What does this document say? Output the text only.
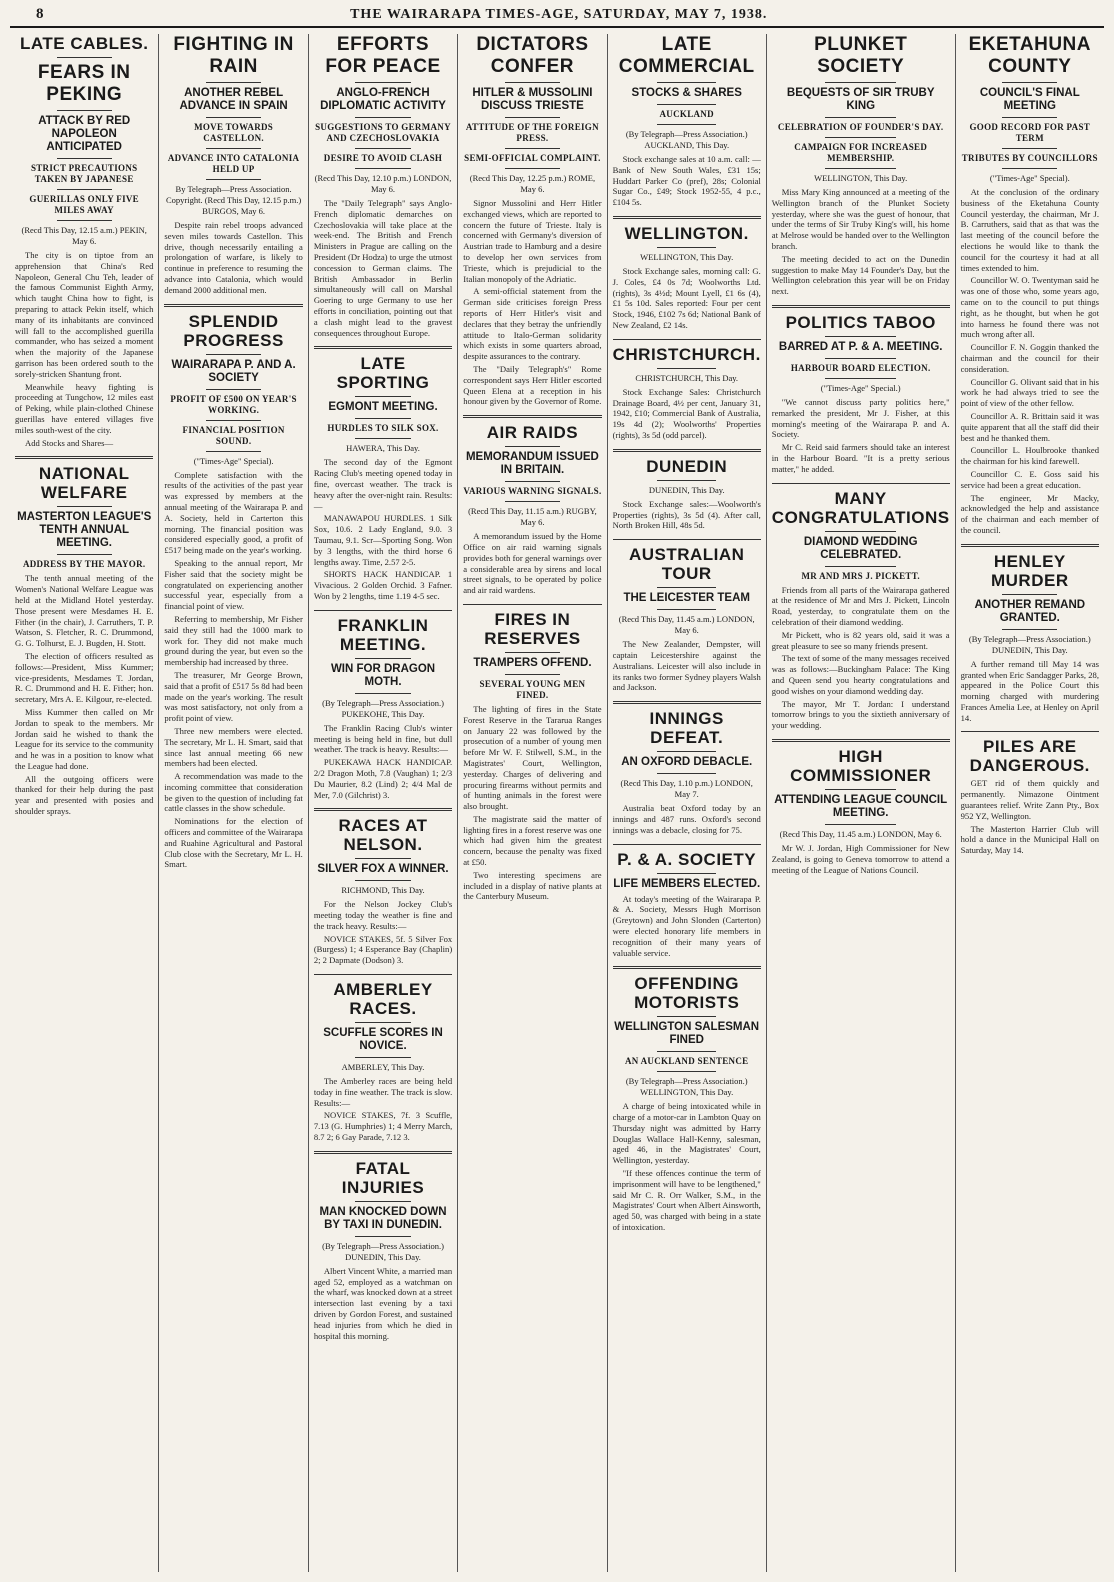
8	THE WAIRARAPA TIMES-AGE, SATURDAY, MAY 7, 1938.
LATE CABLES.
FEARS IN PEKING
ATTACK BY RED NAPOLEON ANTICIPATED
STRICT PRECAUTIONS TAKEN BY JAPANESE
GUERILLAS ONLY FIVE MILES AWAY
(Recd This Day, 12.15 a.m.) PEKIN, May 6.

The city is on tiptoe from an apprehension that China's Red Napoleon, General Chu Teh, leader of the famous Communist Eighth Army, which taught China how to fight, is preparing to attack Pekin itself, which many of its inhabitants are convinced will fall to the accomplished guerilla commander, who has seized a moment when the majority of the Japanese garrison has been ordered south to the sorely-stricken Shantung front.

Meanwhile heavy fighting is proceeding at Tungchow, 12 miles east of Peking, while plain-clothed Chinese guerillas have entered villages five miles south-west of the city.

Add Stocks and Shares—

NATIONAL WELFARE
MASTERTON LEAGUE'S TENTH ANNUAL MEETING.
ADDRESS BY THE MAYOR.

The tenth annual meeting of the Women's National Welfare League was held at the Midland Hotel yesterday. Those present were Mesdames H. E. Fither (in the chair), J. Carruthers, T. P. Watson, S. Fletcher, R. C. Drummond, G. G. Tolhurst, E. J. Bugden, H. Stott.

The election of officers resulted as follows:—President, Miss Kummer; vice-presidents, Mesdames T. Jordan, R. C. Drummond and H. E. Fither; hon. secretary, Mrs A. E. Kilgour, re-elected.

Miss Kummer then called on Mr Jordan to speak to the members. Mr Jordan said he wished to thank the League for its service to the community and he was in a position to know what the League had done.

All the outgoing officers were thanked for their help during the past year and presented with posies and shoulder sprays.

FIGHTING IN RAIN
ANOTHER REBEL ADVANCE IN SPAIN
MOVE TOWARDS CASTELLON.
ADVANCE INTO CATALONIA HELD UP
By Telegraph—Press Association. Copyright. (Recd This Day, 12.15 p.m.) BURGOS, May 6.

Despite rain rebel troops advanced seven miles towards Castellon. This drive, though necessarily entailing a prolongation of warfare, is likely to continue in preference to resuming the advance into Catalonia, which would demand 2000 additional men.

SPLENDID PROGRESS
WAIRARAPA P. AND A. SOCIETY
PROFIT OF £500 ON YEAR'S WORKING.
FINANCIAL POSITION SOUND.
("Times-Age" Special).

Complete satisfaction with the results of the activities of the past year was expressed by members at the annual meeting of the Wairarapa P. and A. Society, held in Carterton this morning. The financial position was considered especially good, a profit of £517 being made on the year's working.

Speaking to the annual report, Mr Fisher said that the society might be congratulated on experiencing another successful year, especially from a financial point of view.

Referring to membership, Mr Fisher said they still had the 1000 mark to work for. They did not make much ground during the year, but even so the membership had increased by three.

The treasurer, Mr George Brown, said that a profit of £517 5s 8d had been made on the year's working. The result was most satisfactory, not only from a profit point of view.

Three new members were elected. The secretary, Mr L. H. Smart, said that since last annual meeting 66 new members had been elected.

A recommendation was made to the incoming committee that consideration be given to the question of including fat cattle classes in the show schedule.

Nominations for the election of officers and committee of the Wairarapa and Ruahine Agricultural and Pastoral Club close with the Secretary, Mr L. H. Smart.

EFFORTS FOR PEACE
ANGLO-FRENCH DIPLOMATIC ACTIVITY
SUGGESTIONS TO GERMANY AND CZECHOSLOVAKIA
DESIRE TO AVOID CLASH
(Recd This Day, 12.10 p.m.) LONDON, May 6.

The "Daily Telegraph" says Anglo-French diplomatic demarches on Czechoslovakia will take place at the week-end. The British and French Ministers in Prague are calling on the President (Dr Hodza) to urge the utmost concession to German claims. The British Ambassador in Berlin simultaneously will call on Marshal Goering to urge Germany to use her efforts in conciliation, pointing out that a clash might lead to the gravest consequences throughout Europe.

LATE SPORTING
EGMONT MEETING.
HURDLES TO SILK SOX.
HAWERA, This Day.

The second day of the Egmont Racing Club's meeting opened today in fine, overcast weather. The track is heavy after the over-night rain. Results:—

MANAWAPOU HURDLES. 1 Silk Sox, 10.6. 2 Lady England, 9.0. 3 Taumau, 9.1. Scr—Sporting Song. Won by 3 lengths, with the third horse 6 lengths away. Time, 2.57 2-5.

SHORTS HACK HANDICAP. 1 Vivacious. 2 Golden Orchid. 3 Fafner. Won by 2 lengths, time 1.19 4-5 sec.

FRANKLIN MEETING.
WIN FOR DRAGON MOTH.
(By Telegraph—Press Association.) PUKEKOHE, This Day.

The Franklin Racing Club's winter meeting is being held in fine, but dull weather. The track is heavy. Results:—

PUKEKAWA HACK HANDICAP. 2/2 Dragon Moth, 7.8 (Vaughan) 1; 2/3 Du Maurier, 8.2 (Lind) 2; 4/4 Mal de Mer, 7.0 (Gilchrist) 3.

RACES AT NELSON.
SILVER FOX A WINNER.
RICHMOND, This Day.

For the Nelson Jockey Club's meeting today the weather is fine and the track heavy. Results:—

NOVICE STAKES, 5f. 5 Silver Fox (Burgess) 1; 4 Esperance Bay (Chaplin) 2; 2 Dapmate (Dodson) 3.

AMBERLEY RACES.
SCUFFLE SCORES IN NOVICE.
AMBERLEY, This Day.

The Amberley races are being held today in fine weather. The track is slow. Results:—

NOVICE STAKES, 7f. 3 Scuffle, 7.13 (G. Humphries) 1; 4 Merry March, 8.7 2; 6 Gay Parade, 7.12 3.

FATAL INJURIES
MAN KNOCKED DOWN BY TAXI IN DUNEDIN.
(By Telegraph—Press Association.) DUNEDIN, This Day.

Albert Vincent White, a married man aged 52, employed as a watchman on the wharf, was knocked down at a street intersection last evening by a taxi driven by Gordon Forest, and sustained head injuries from which he died in hospital this morning.

DICTATORS CONFER
HITLER & MUSSOLINI DISCUSS TRIESTE
ATTITUDE OF THE FOREIGN PRESS.
SEMI-OFFICIAL COMPLAINT.
(Recd This Day, 12.25 p.m.) ROME, May 6.

Signor Mussolini and Herr Hitler exchanged views, which are reported to concern the future of Trieste. Italy is concerned with Germany's diversion of Austrian trade to Hamburg and a desire to develop her own services from Trieste, which is prejudicial to the Italian monopoly of the Adriatic.

A semi-official statement from the German side criticises foreign Press reports of Herr Hitler's visit and declares that they betray the unfriendly attitude to Italo-German solidarity which exists in some quarters abroad, despite assurances to the contrary.

The "Daily Telegraph's" Rome correspondent says Herr Hitler escorted Queen Elena at a reception in his honour given by the Governor of Rome.

AIR RAIDS
MEMORANDUM ISSUED IN BRITAIN.
VARIOUS WARNING SIGNALS.
(Recd This Day, 11.15 a.m.) RUGBY, May 6.

A memorandum issued by the Home Office on air raid warning signals provides both for general warnings over a considerable area by sirens and local street signals, to be operated by police and air raid wardens.

FIRES IN RESERVES
TRAMPERS OFFEND.
SEVERAL YOUNG MEN FINED.

The lighting of fires in the State Forest Reserve in the Tararua Ranges on January 22 was followed by the prosecution of a number of young men before Mr W. F. Stilwell, S.M., in the Magistrates' Court, Wellington, yesterday. Charges of delivering and procuring firearms without permits and of hunting animals in the forest were also brought.

The magistrate said the matter of lighting fires in a forest reserve was one which had given him the greatest concern, because the penalty was fixed at £50.

Two interesting specimens are included in a display of native plants at the Canterbury Museum.

LATE COMMERCIAL
STOCKS & SHARES
AUCKLAND
(By Telegraph—Press Association.) AUCKLAND, This Day.

Stock exchange sales at 10 a.m. call: —Bank of New South Wales, £31 15s; Huddart Parker Co (pref), 28s; Colonial Sugar Co., £49; Stock 1952-55, 4 p.c., £104 5s.

WELLINGTON.
WELLINGTON, This Day.

Stock Exchange sales, morning call: G. J. Coles, £4 0s 7d; Woolworths Ltd. (rights), 3s 4½d; Mount Lyell, £1 6s (4), £1 5s 10d. Sales reported: Four per cent Stock, 1946, £102 7s 6d; National Bank of New Zealand, £2 14s.

CHRISTCHURCH.
CHRISTCHURCH, This Day.

Stock Exchange Sales: Christchurch Drainage Board, 4½ per cent, January 31, 1942, £10; Commercial Bank of Australia, 19s 4d (2); Woolworths' Properties (rights), 3s 5d (odd parcel).

DUNEDIN
DUNEDIN, This Day.

Stock Exchange sales:—Woolworth's Properties (rights), 3s 5d (4). After call, North Broken Hill, 48s 5d.

AUSTRALIAN TOUR
THE LEICESTER TEAM
(Recd This Day, 11.45 a.m.) LONDON, May 6.

The New Zealander, Dempster, will captain Leicestershire against the Australians. Leicester will also include in its ranks two former Sydney players Walsh and Jackson.

INNINGS DEFEAT.
AN OXFORD DEBACLE.
(Recd This Day, 1.10 p.m.) LONDON, May 7.

Australia beat Oxford today by an innings and 487 runs. Oxford's second innings was a debacle, closing for 75.

P. & A. SOCIETY
LIFE MEMBERS ELECTED.

At today's meeting of the Wairarapa P. & A. Society, Messrs Hugh Morrison (Greytown) and John Slonden (Carterton) were elected honorary life members in recognition of their many years of valuable service.

OFFENDING MOTORISTS
WELLINGTON SALESMAN FINED
AN AUCKLAND SENTENCE
(By Telegraph—Press Association.) WELLINGTON, This Day.

A charge of being intoxicated while in charge of a motor-car in Lambton Quay on Thursday night was admitted by Harry Douglas Wallace Hall-Kenny, salesman, aged 46, in the Magistrates' Court, Wellington, yesterday.

"If these offences continue the term of imprisonment will have to be lengthened," said Mr C. R. Orr Walker, S.M., in the Magistrates' Court when Albert Ainsworth, aged 50, was charged with being in a state of intoxication.

PLUNKET SOCIETY
BEQUESTS OF SIR TRUBY KING
CELEBRATION OF FOUNDER'S DAY.
CAMPAIGN FOR INCREASED MEMBERSHIP.
WELLINGTON, This Day.

Miss Mary King announced at a meeting of the Wellington branch of the Plunket Society yesterday, where she was the guest of honour, that under the terms of Sir Truby King's will, his home at Melrose would be handed over to the Wellington branch.

The meeting decided to act on the Dunedin suggestion to make May 14 Founder's Day, but the Wellington celebration this year will be on Friday next.

POLITICS TABOO
BARRED AT P. & A. MEETING.
HARBOUR BOARD ELECTION.
("Times-Age" Special.)

"We cannot discuss party politics here," remarked the president, Mr J. Fisher, at this morning's meeting of the Wairarapa P. and A. Society.

Mr C. Reid said farmers should take an interest in the Harbour Board. "It is a pretty serious matter," he added.

MANY CONGRATULATIONS
DIAMOND WEDDING CELEBRATED.
MR AND MRS J. PICKETT.

Friends from all parts of the Wairarapa gathered at the residence of Mr and Mrs J. Pickett, Lincoln Road, yesterday, to congratulate them on the celebration of their diamond wedding.

Mr Pickett, who is 82 years old, said it was a great pleasure to see so many friends present.

The text of some of the many messages received was as follows:—Buckingham Palace: The King and Queen send you hearty congratulations and good wishes on your diamond wedding day.

The mayor, Mr T. Jordan: I understand tomorrow brings to you the sixtieth anniversary of your wedding.

HIGH COMMISSIONER
ATTENDING LEAGUE COUNCIL MEETING.
(Recd This Day, 11.45 a.m.) LONDON, May 6.

Mr W. J. Jordan, High Commissioner for New Zealand, is going to Geneva tomorrow to attend a meeting of the League of Nations Council.

EKETAHUNA COUNTY
COUNCIL'S FINAL MEETING
GOOD RECORD FOR PAST TERM
TRIBUTES BY COUNCILLORS
("Times-Age" Special).

At the conclusion of the ordinary business of the Eketahuna County Council yesterday, the chairman, Mr J. B. Carruthers, said that as that was the last meeting of the council before the elections he would like to thank the council for the courtesy it had at all times extended to him.

Councillor W. O. Twentyman said he was one of those who, some years ago, came on to the council to put things right, as he thought, but when he got into harness he found there was not much wrong after all.

Councillor F. N. Goggin thanked the chairman and the council for their consideration.

Councillor G. Olivant said that in his work he had always tried to see the point of view of the other fellow.

Councillor A. R. Brittain said it was quite apparent that all the staff did their best and he thanked them.

Councillor L. Houlbrooke thanked the chairman for his kind farewell.

Councillor C. E. Goss said his service had been a great education.

The engineer, Mr Macky, acknowledged the help and assistance of the chairman and each member of the council.

HENLEY MURDER
ANOTHER REMAND GRANTED.
(By Telegraph—Press Association.) DUNEDIN, This Day.

A further remand till May 14 was granted when Eric Sandagger Parks, 28, appeared in the Police Court this morning charged with murdering Frances Amelia Lee, at Henley on April 14.

PILES ARE DANGEROUS.

GET rid of them quickly and permanently. Nimazone Ointment guarantees relief. Write Zann Pty., Box 952 YZ, Wellington.

The Masterton Harrier Club will hold a dance in the Municipal Hall on Saturday, May 14.
